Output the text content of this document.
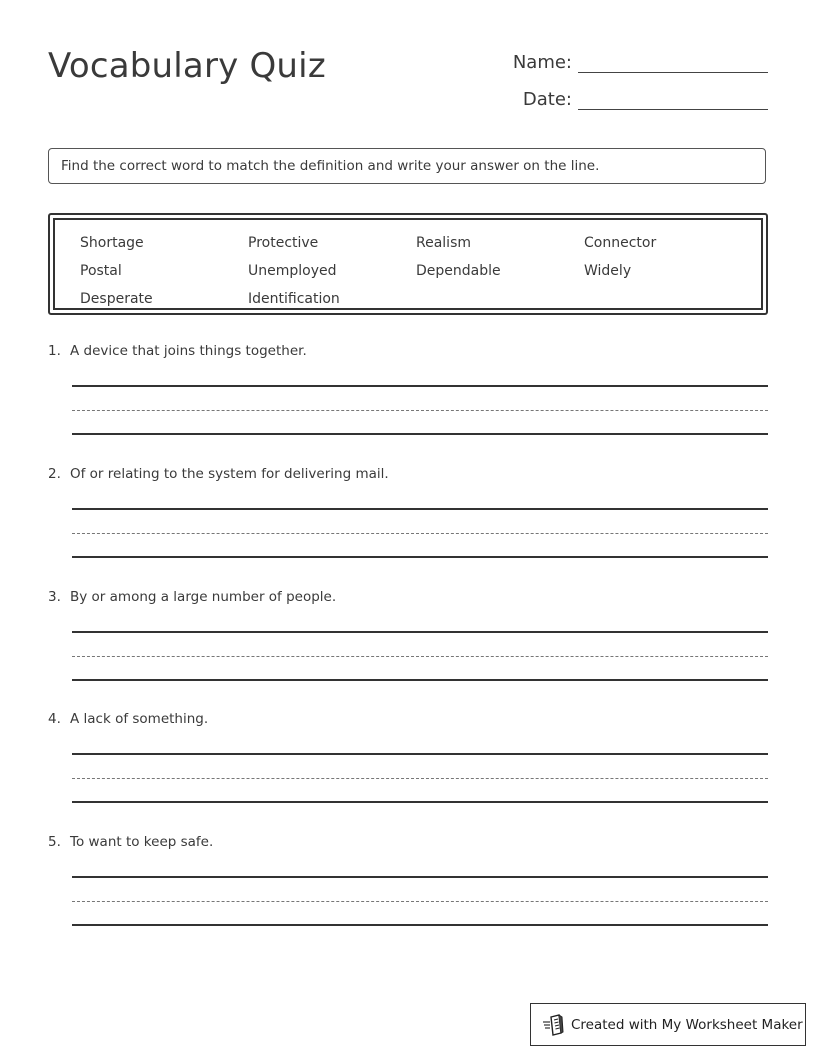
Vocabulary Quiz	Name:
Date:
Find the correct word to match the definition and write your answer on the line.
Shortage	Protective	Realism	Connector
Postal	Unemployed	Dependable	Widely
Desperate	Identification
1. A device that joins things together.
2. Of or relating to the system for delivering mail.
3. By or among a large number of people.
4. A lack of something.
5. To want to keep safe.
Created with My Worksheet Maker
